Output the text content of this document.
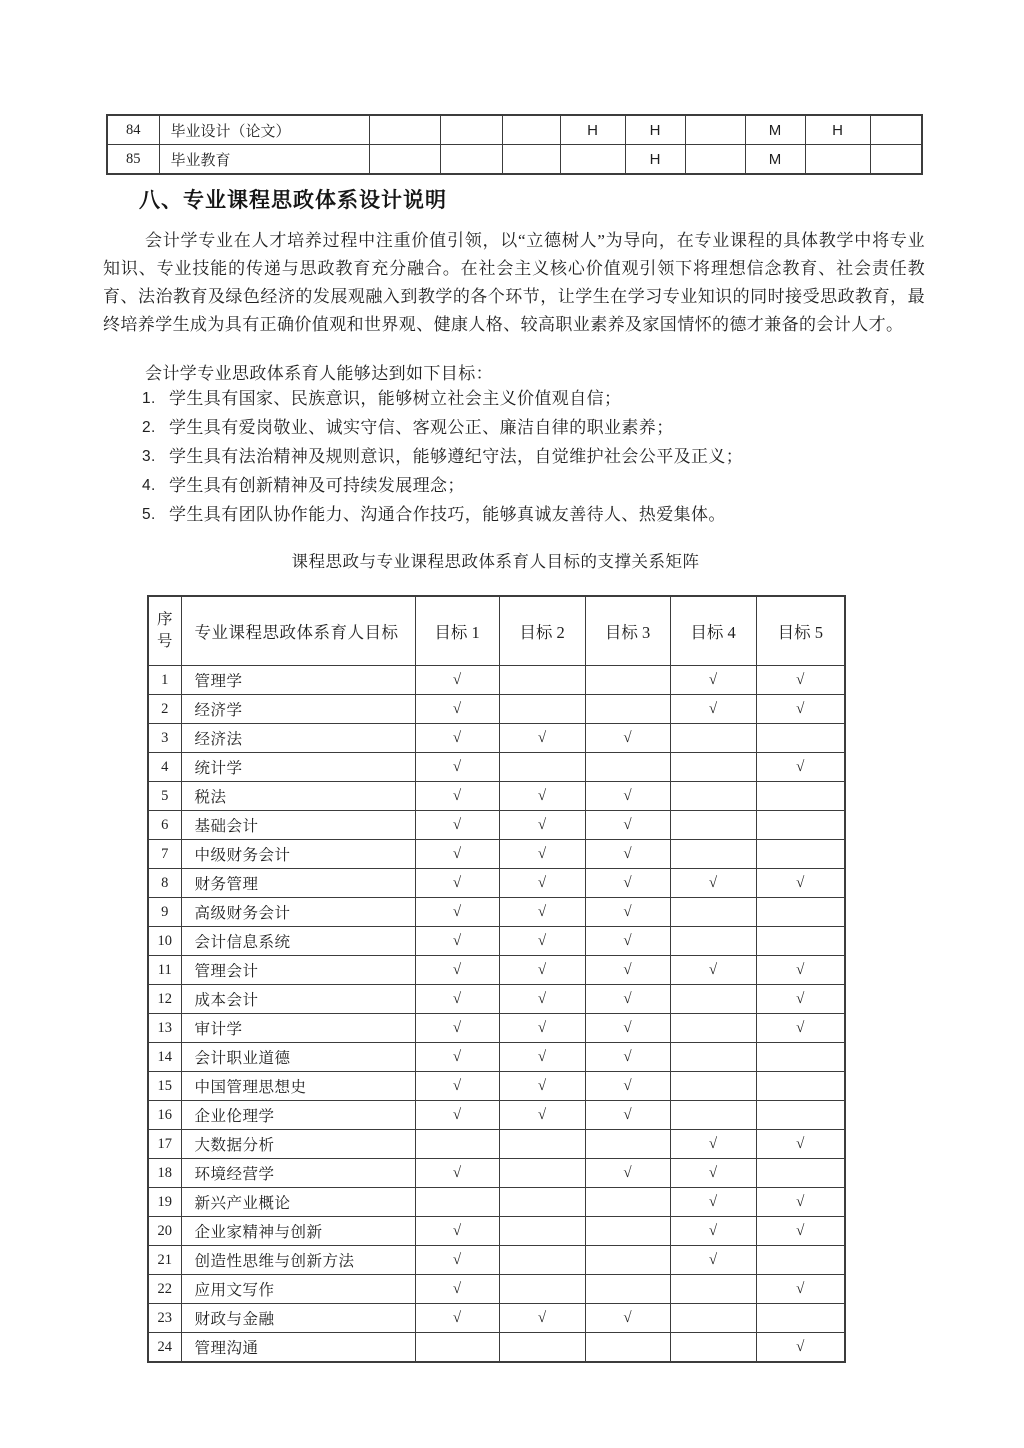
84	毕业设计（论文）				H	H		M	H	
85	毕业教育					H		M		
八、专业课程思政体系设计说明
会计学专业在人才培养过程中注重价值引领，以“立德树人”为导向，在专业课程的具体教学中将专业知识、专业技能的传递与思政教育充分融合。在社会主义核心价值观引领下将理想信念教育、社会责任教育、法治教育及绿色经济的发展观融入到教学的各个环节，让学生在学习专业知识的同时接受思政教育，最终培养学生成为具有正确价值观和世界观、健康人格、较高职业素养及家国情怀的德才兼备的会计人才。
会计学专业思政体系育人能够达到如下目标：
1. 学生具有国家、民族意识，能够树立社会主义价值观自信；
2. 学生具有爱岗敬业、诚实守信、客观公正、廉洁自律的职业素养；
3. 学生具有法治精神及规则意识，能够遵纪守法，自觉维护社会公平及正义；
4. 学生具有创新精神及可持续发展理念；
5. 学生具有团队协作能力、沟通合作技巧，能够真诚友善待人、热爱集体。
课程思政与专业课程思政体系育人目标的支撑关系矩阵
序号	专业课程思政体系育人目标	目标 1	目标 2	目标 3	目标 4	目标 5
1	管理学	√			√	√
2	经济学	√			√	√
3	经济法	√	√	√		
4	统计学	√				√
5	税法	√	√	√		
6	基础会计	√	√	√		
7	中级财务会计	√	√	√		
8	财务管理	√	√	√	√	√
9	高级财务会计	√	√	√		
10	会计信息系统	√	√	√		
11	管理会计	√	√	√	√	√
12	成本会计	√	√	√		√
13	审计学	√	√	√		√
14	会计职业道德	√	√	√		
15	中国管理思想史	√	√	√		
16	企业伦理学	√	√	√		
17	大数据分析				√	√
18	环境经营学	√		√	√	
19	新兴产业概论				√	√
20	企业家精神与创新	√			√	√
21	创造性思维与创新方法	√			√	
22	应用文写作	√				√
23	财政与金融	√	√	√		
24	管理沟通					√
